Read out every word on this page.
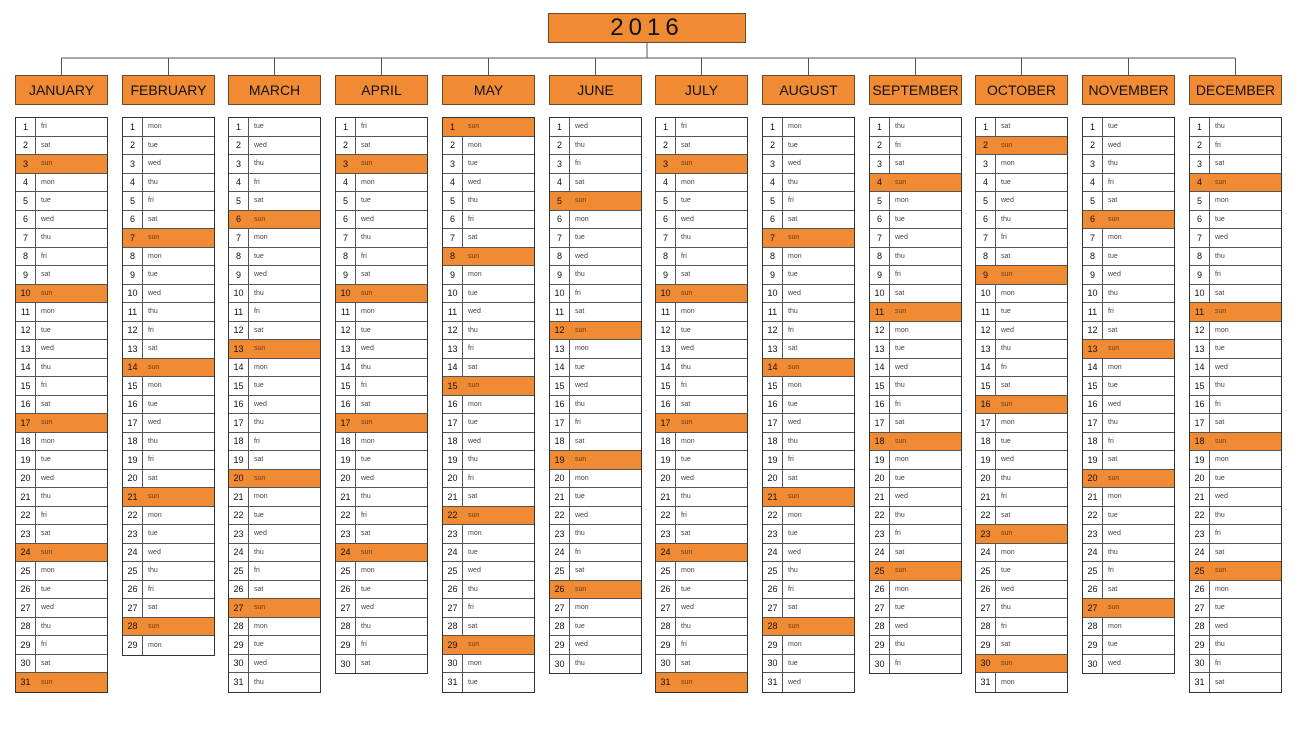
2016
JANUARY
1	fri
2	sat
3	sun
4	mon
5	tue
6	wed
7	thu
8	fri
9	sat
10	sun
11	mon
12	tue
13	wed
14	thu
15	fri
16	sat
17	sun
18	mon
19	tue
20	wed
21	thu
22	fri
23	sat
24	sun
25	mon
26	tue
27	wed
28	thu
29	fri
30	sat
31	sun
FEBRUARY
1	mon
2	tue
3	wed
4	thu
5	fri
6	sat
7	sun
8	mon
9	tue
10	wed
11	thu
12	fri
13	sat
14	sun
15	mon
16	tue
17	wed
18	thu
19	fri
20	sat
21	sun
22	mon
23	tue
24	wed
25	thu
26	fri
27	sat
28	sun
29	mon
MARCH
1	tue
2	wed
3	thu
4	fri
5	sat
6	sun
7	mon
8	tue
9	wed
10	thu
11	fri
12	sat
13	sun
14	mon
15	tue
16	wed
17	thu
18	fri
19	sat
20	sun
21	mon
22	tue
23	wed
24	thu
25	fri
26	sat
27	sun
28	mon
29	tue
30	wed
31	thu
APRIL
1	fri
2	sat
3	sun
4	mon
5	tue
6	wed
7	thu
8	fri
9	sat
10	sun
11	mon
12	tue
13	wed
14	thu
15	fri
16	sat
17	sun
18	mon
19	tue
20	wed
21	thu
22	fri
23	sat
24	sun
25	mon
26	tue
27	wed
28	thu
29	fri
30	sat
MAY
1	sun
2	mon
3	tue
4	wed
5	thu
6	fri
7	sat
8	sun
9	mon
10	tue
11	wed
12	thu
13	fri
14	sat
15	sun
16	mon
17	tue
18	wed
19	thu
20	fri
21	sat
22	sun
23	mon
24	tue
25	wed
26	thu
27	fri
28	sat
29	sun
30	mon
31	tue
JUNE
1	wed
2	thu
3	fri
4	sat
5	sun
6	mon
7	tue
8	wed
9	thu
10	fri
11	sat
12	sun
13	mon
14	tue
15	wed
16	thu
17	fri
18	sat
19	sun
20	mon
21	tue
22	wed
23	thu
24	fri
25	sat
26	sun
27	mon
28	tue
29	wed
30	thu
JULY
1	fri
2	sat
3	sun
4	mon
5	tue
6	wed
7	thu
8	fri
9	sat
10	sun
11	mon
12	tue
13	wed
14	thu
15	fri
16	sat
17	sun
18	mon
19	tue
20	wed
21	thu
22	fri
23	sat
24	sun
25	mon
26	tue
27	wed
28	thu
29	fri
30	sat
31	sun
AUGUST
1	mon
2	tue
3	wed
4	thu
5	fri
6	sat
7	sun
8	mon
9	tue
10	wed
11	thu
12	fri
13	sat
14	sun
15	mon
16	tue
17	wed
18	thu
19	fri
20	sat
21	sun
22	mon
23	tue
24	wed
25	thu
26	fri
27	sat
28	sun
29	mon
30	tue
31	wed
SEPTEMBER
1	thu
2	fri
3	sat
4	sun
5	mon
6	tue
7	wed
8	thu
9	fri
10	sat
11	sun
12	mon
13	tue
14	wed
15	thu
16	fri
17	sat
18	sun
19	mon
20	tue
21	wed
22	thu
23	fri
24	sat
25	sun
26	mon
27	tue
28	wed
29	thu
30	fri
OCTOBER
1	sat
2	sun
3	mon
4	tue
5	wed
6	thu
7	fri
8	sat
9	sun
10	mon
11	tue
12	wed
13	thu
14	fri
15	sat
16	sun
17	mon
18	tue
19	wed
20	thu
21	fri
22	sat
23	sun
24	mon
25	tue
26	wed
27	thu
28	fri
29	sat
30	sun
31	mon
NOVEMBER
1	tue
2	wed
3	thu
4	fri
5	sat
6	sun
7	mon
8	tue
9	wed
10	thu
11	fri
12	sat
13	sun
14	mon
15	tue
16	wed
17	thu
18	fri
19	sat
20	sun
21	mon
22	tue
23	wed
24	thu
25	fri
26	sat
27	sun
28	mon
29	tue
30	wed
DECEMBER
1	thu
2	fri
3	sat
4	sun
5	mon
6	tue
7	wed
8	thu
9	fri
10	sat
11	sun
12	mon
13	tue
14	wed
15	thu
16	fri
17	sat
18	sun
19	mon
20	tue
21	wed
22	thu
23	fri
24	sat
25	sun
26	mon
27	tue
28	wed
29	thu
30	fri
31	sat
